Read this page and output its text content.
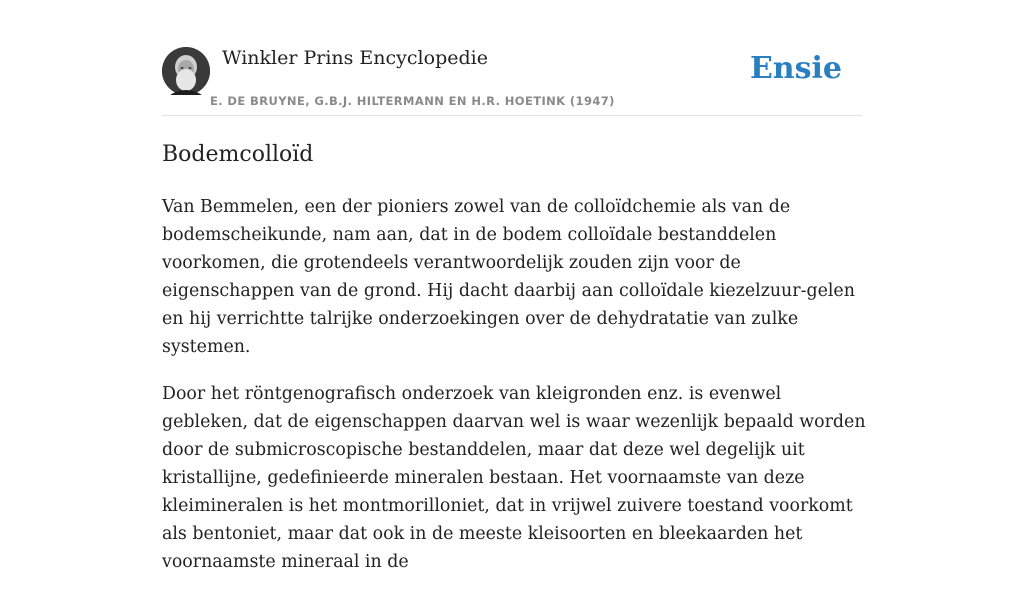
Winkler Prins Encyclopedie
E. DE BRUYNE, G.B.J. HILTERMANN EN H.R. HOETINK (1947)
Ensie
Bodemcolloïd

Van Bemmelen, een der pioniers zowel van de colloïdchemie als van de bodemscheikunde, nam aan, dat in de bodem colloïdale bestanddelen voorkomen, die grotendeels verantwoordelijk zouden zijn voor de eigenschappen van de grond. Hij dacht daarbij aan colloïdale kiezelzuur-gelen en hij verrichtte talrijke onderzoekingen over de dehydratatie van zulke systemen.

Door het röntgenografisch onderzoek van kleigronden enz. is evenwel gebleken, dat de eigenschappen daarvan wel is waar wezenlijk bepaald worden door de submicroscopische bestanddelen, maar dat deze wel degelijk uit kristallijne, gedefinieerde mineralen bestaan. Het voornaamste van deze kleimineralen is het montmorilloniet, dat in vrijwel zuivere toestand voorkomt als bentoniet, maar dat ook in de meeste kleisoorten en bleekaarden het voornaamste mineraal in de
